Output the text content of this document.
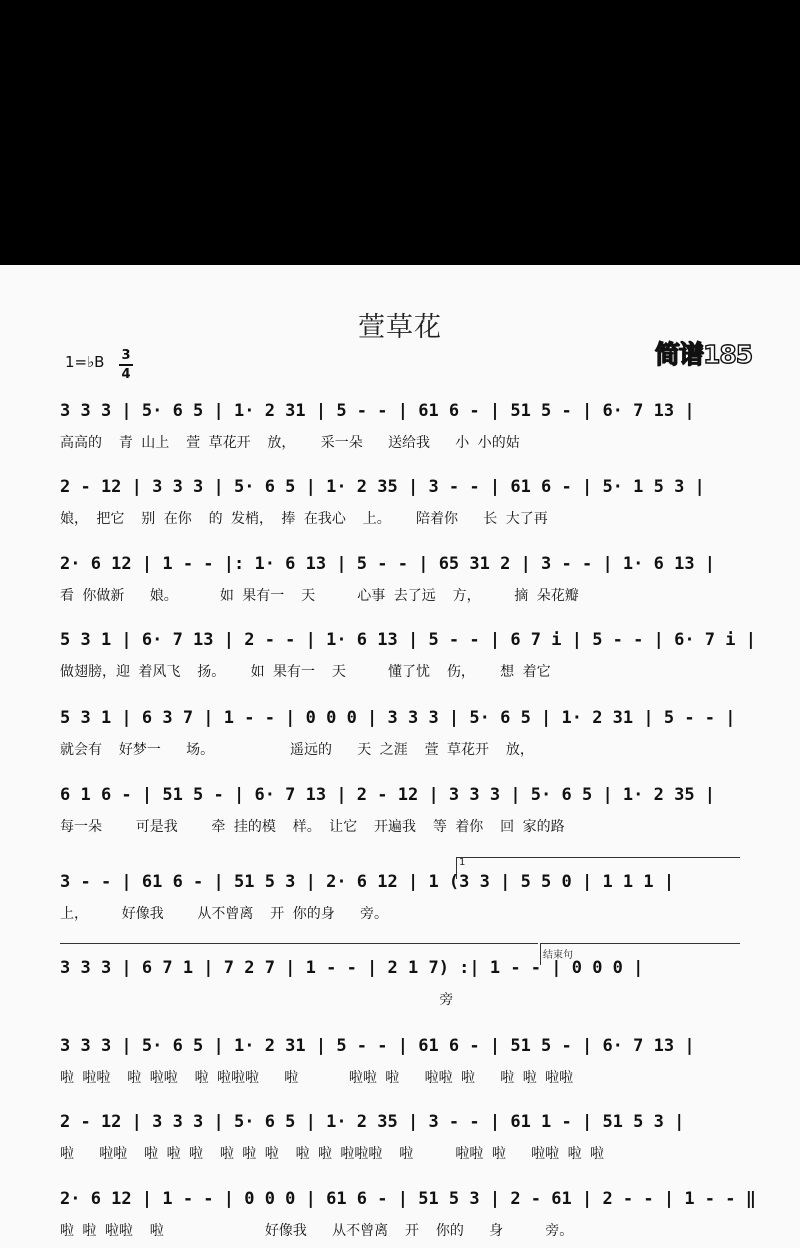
萱草花
1=♭B 3
4
简谱185
1
结束句
3 3 3 | 5· 6 5 | 1· 2 31 | 5 - - | 61 6 - | 51 5 - | 6· 7 13 |
高高的  青 山上  萱 草花开  放，   采一朵   送给我   小 小的姑
2 - 12 | 3 3 3 | 5· 6 5 | 1· 2 35 | 3 - - | 61 6 - | 5· 1 5 3 |
娘， 把它  别 在你  的 发梢， 捧 在我心  上。   陪着你   长 大了再
2· 6 12 | 1 - - |: 1· 6 13 | 5 - - | 65 31 2 | 3 - - | 1· 6 13 |
看 你做新   娘。     如 果有一  天     心事 去了远  方，    摘 朵花瓣
5 3 1 | 6· 7 13 | 2 - - | 1· 6 13 | 5 - - | 6 7 i | 5 - - | 6· 7 i |
做翅膀，迎 着风飞  扬。   如 果有一  天     懂了忧  伤，   想 着它
5 3 1 | 6 3 7 | 1 - - | 0 0 0 | 3 3 3 | 5· 6 5 | 1· 2 31 | 5 - - |
就会有  好梦一   场。         遥远的   天 之涯  萱 草花开  放，
6 1 6 - | 51 5 - | 6· 7 13 | 2 - 12 | 3 3 3 | 5· 6 5 | 1· 2 35 |
每一朵    可是我    牵 挂的模  样。 让它  开遍我  等 着你  回 家的路
3 - - | 61 6 - | 51 5 3 | 2· 6 12 | 1 (3 3 | 5 5 0 | 1 1 1 |
上，    好像我    从不曾离  开 你的身   旁。
3 3 3 | 6 7 1 | 7 2 7 | 1 - - | 2 1 7) :| 1 - - | 0 0 0 |
旁
3 3 3 | 5· 6 5 | 1· 2 31 | 5 - - | 61 6 - | 51 5 - | 6· 7 13 |
啦 啦啦  啦 啦啦  啦 啦啦啦   啦      啦啦 啦   啦啦 啦   啦 啦 啦啦
2 - 12 | 3 3 3 | 5· 6 5 | 1· 2 35 | 3 - - | 61 1 - | 51 5 3 |
啦   啦啦  啦 啦 啦  啦 啦 啦  啦 啦 啦啦啦  啦     啦啦 啦   啦啦 啦 啦
2· 6 12 | 1 - - | 0 0 0 | 61 6 - | 51 5 3 | 2 - 61 | 2 - - | 1 - - ‖
啦 啦 啦啦  啦            好像我   从不曾离  开  你的   身     旁。
